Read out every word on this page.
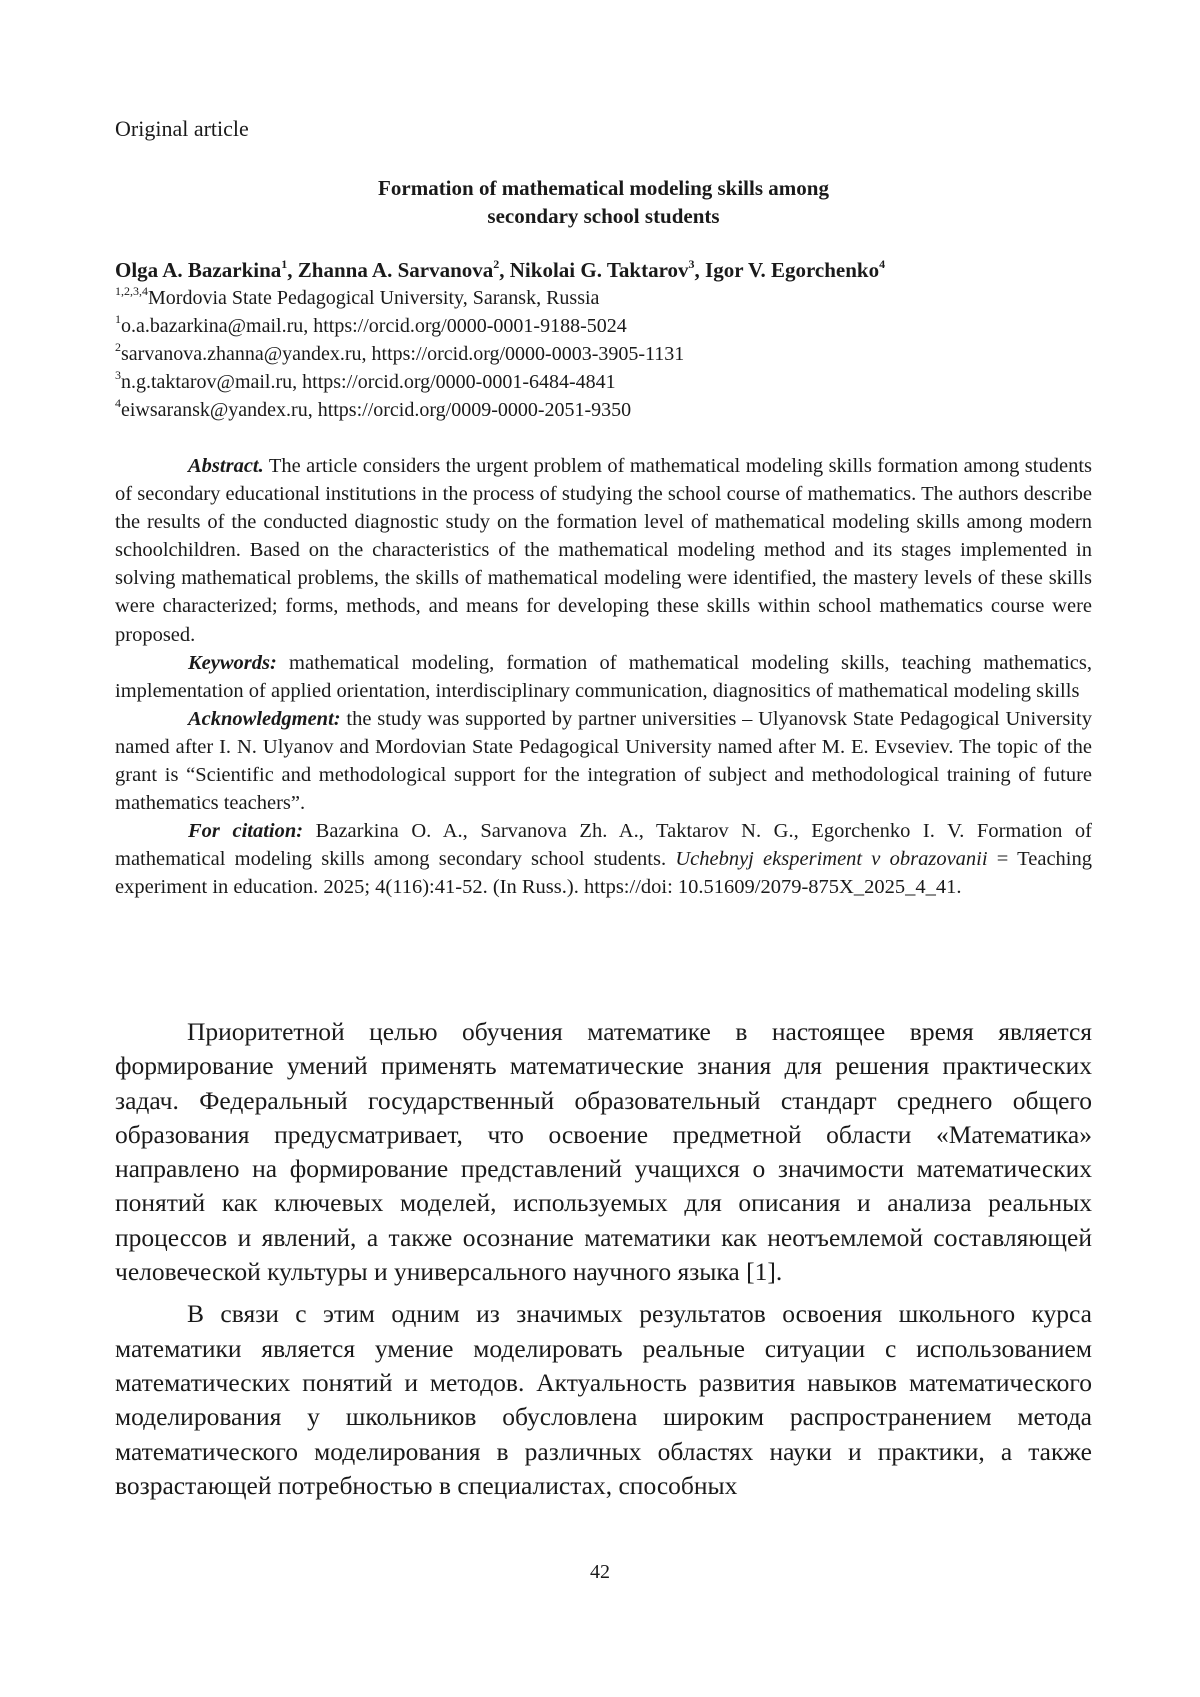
Original article
Formation of mathematical modeling skills among
secondary school students
Olga A. Bazarkina$^1$, Zhanna A. Sarvanova$^2$, Nikolai G. Taktarov$^3$, Igor V. Egorchenko$^4$
$^{1,2,3,4}$Mordovia State Pedagogical University, Saransk, Russia
$^1$o.a.bazarkina@mail.ru, https://orcid.org/0000-0001-9188-5024
$^2$sarvanova.zhanna@yandex.ru, https://orcid.org/0000-0003-3905-1131
$^3$n.g.taktarov@mail.ru, https://orcid.org/0000-0001-6484-4841
$^4$eiwsaransk@yandex.ru, https://orcid.org/0009-0000-2051-9350

Abstract. The article considers the urgent problem of mathematical modeling skills formation among students of secondary educational institutions in the process of studying the school course of mathematics. The authors describe the results of the conducted diagnostic study on the formation level of mathematical modeling skills among modern schoolchildren. Based on the characteristics of the mathematical modeling method and its stages implemented in solving mathematical problems, the skills of mathematical modeling were identified, the mastery levels of these skills were characterized; forms, methods, and means for developing these skills within school mathematics course were proposed.

Keywords: mathematical modeling, formation of mathematical modeling skills, teaching mathematics, implementation of applied orientation, interdisciplinary communication, diagnositics of mathematical modeling skills

Acknowledgment: the study was supported by partner universities – Ulyanovsk State Pedagogical University named after I. N. Ulyanov and Mordovian State Pedagogical University named after M. E. Evseviev. The topic of the grant is “Scientific and methodological support for the integration of subject and methodological training of future mathematics teachers”.

For citation: Bazarkina O. A., Sarvanova Zh. A., Taktarov N. G., Egorchenko I. V. Formation of mathematical modeling skills among secondary school students. Uchebnyj eksperiment v obrazovanii = Teaching experiment in education. 2025; 4(116):41-52. (In Russ.). https://doi: 10.51609/2079-875X_2025_4_41.

Приоритетной целью обучения математике в настоящее время является формирование умений применять математические знания для решения практических задач. Федеральный государственный образовательный стандарт среднего общего образования предусматривает, что освоение предметной области «Математика» направлено на формирование представлений учащихся о значимости математических понятий как ключевых моделей, используемых для описания и анализа реальных процессов и явлений, а также осознание математики как неотъемлемой составляющей человеческой культуры и универсального научного языка [1].

В связи с этим одним из значимых результатов освоения школьного курса математики является умение моделировать реальные ситуации с использованием математических понятий и методов. Актуальность развития навыков математического моделирования у школьников обусловлена широким распространением метода математического моделирования в различных областях науки и практики, а также возрастающей потребностью в специалистах, способных

42
